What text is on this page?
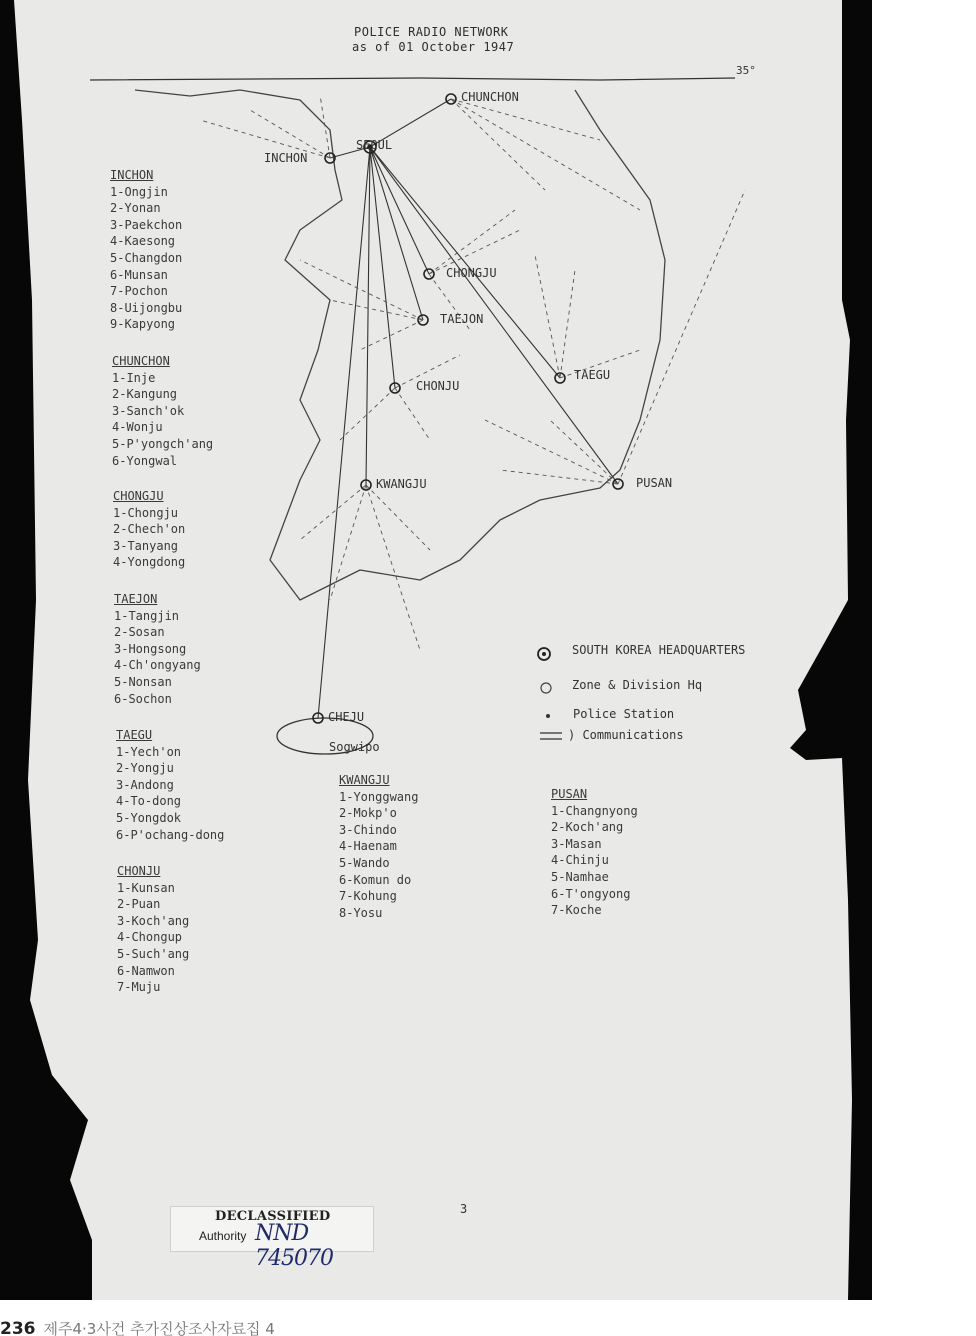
POLICE RADIO NETWORK
as of 01 October 1947
35°
SEOUL
INCHON
CHUNCHON
CHONGJU
TAEJON
CHONJU
TAEGU
KWANGJU	PUSAN
CHEJU
Sogwipo
SOUTH KOREA HEADQUARTERS
Zone & Division Hq
Police Station
) Communications
INCHON
1-Ongjin
2-Yonan
3-Paekchon
4-Kaesong
5-Changdon
6-Munsan
7-Pochon
8-Uijongbu
9-Kapyong
CHUNCHON
1-Inje
2-Kangung
3-Sanch'ok
4-Wonju
5-P'yongch'ang
6-Yongwal
CHONGJU
1-Chongju
2-Chech'on
3-Tanyang
4-Yongdong
TAEJON
1-Tangjin
2-Sosan
3-Hongsong
4-Ch'ongyang
5-Nonsan
6-Sochon
TAEGU
1-Yech'on
2-Yongju
3-Andong
4-To-dong
5-Yongdok
6-P'ochang-dong
CHONJU
1-Kunsan
2-Puan
3-Koch'ang
4-Chongup
5-Such'ang
6-Namwon
7-Muju
KWANGJU
1-Yonggwang
2-Mokp'o
3-Chindo
4-Haenam
5-Wando
6-Komun do
7-Kohung
8-Yosu
PUSAN
1-Changnyong
2-Koch'ang
3-Masan
4-Chinju
5-Namhae
6-T'ongyong
7-Koche
DECLASSIFIED
Authority NND 745070
3
236 제주4·3사건 추가진상조사자료집 4
